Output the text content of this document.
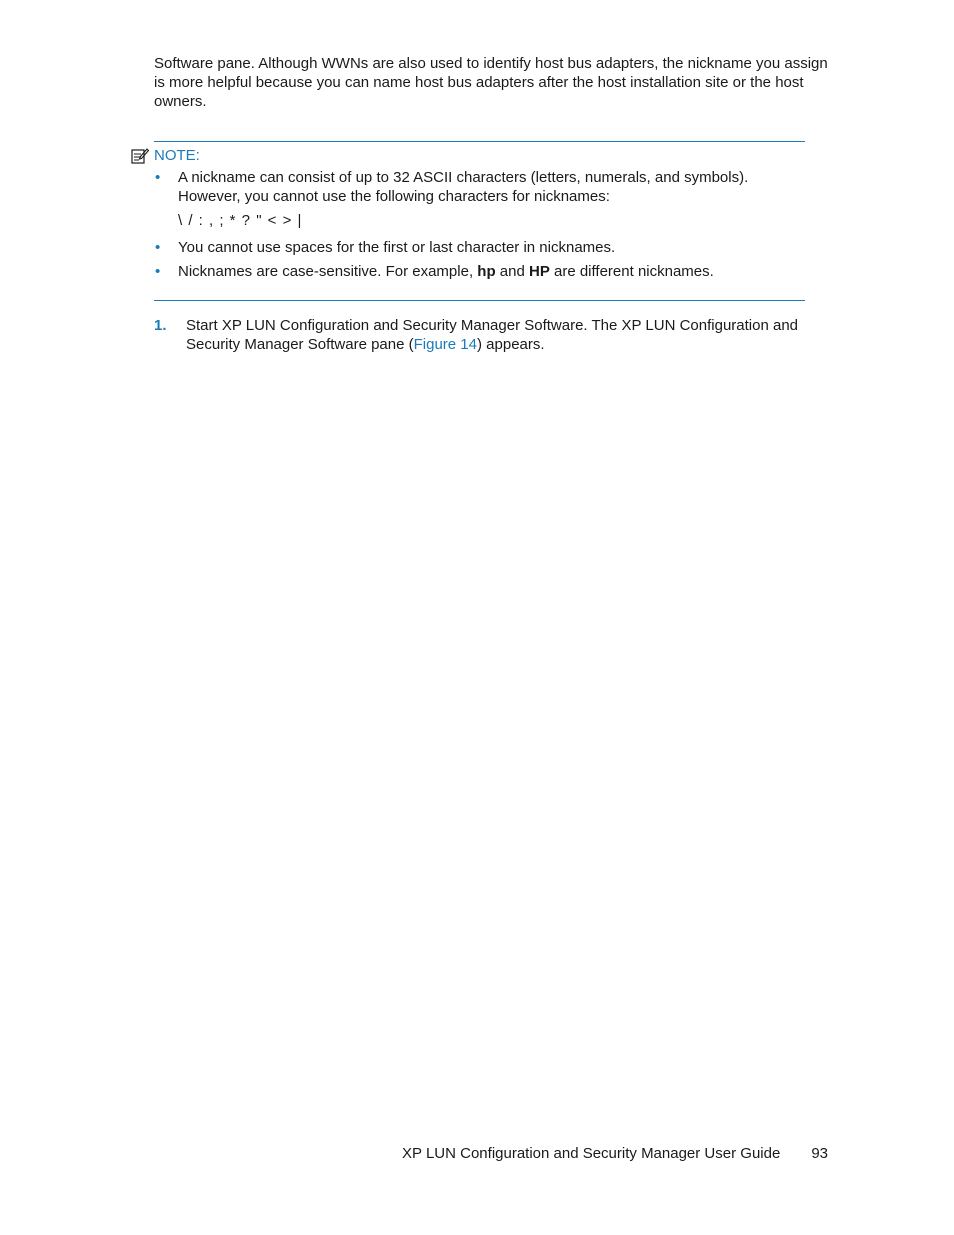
Software pane. Although WWNs are also used to identify host bus adapters, the nickname you assign is more helpful because you can name host bus adapters after the host installation site or the host owners.

NOTE:
• A nickname can consist of up to 32 ASCII characters (letters, numerals, and symbols). However, you cannot use the following characters for nicknames:
\ / : , ; * ? " < > |
• You cannot use spaces for the first or last character in nicknames.
• Nicknames are case-sensitive. For example, hp and HP are different nicknames.
1.	Start XP LUN Configuration and Security Manager Software. The XP LUN Configuration and Security Manager Software pane (Figure 14) appears.
XP LUN Configuration and Security Manager User Guide 93
